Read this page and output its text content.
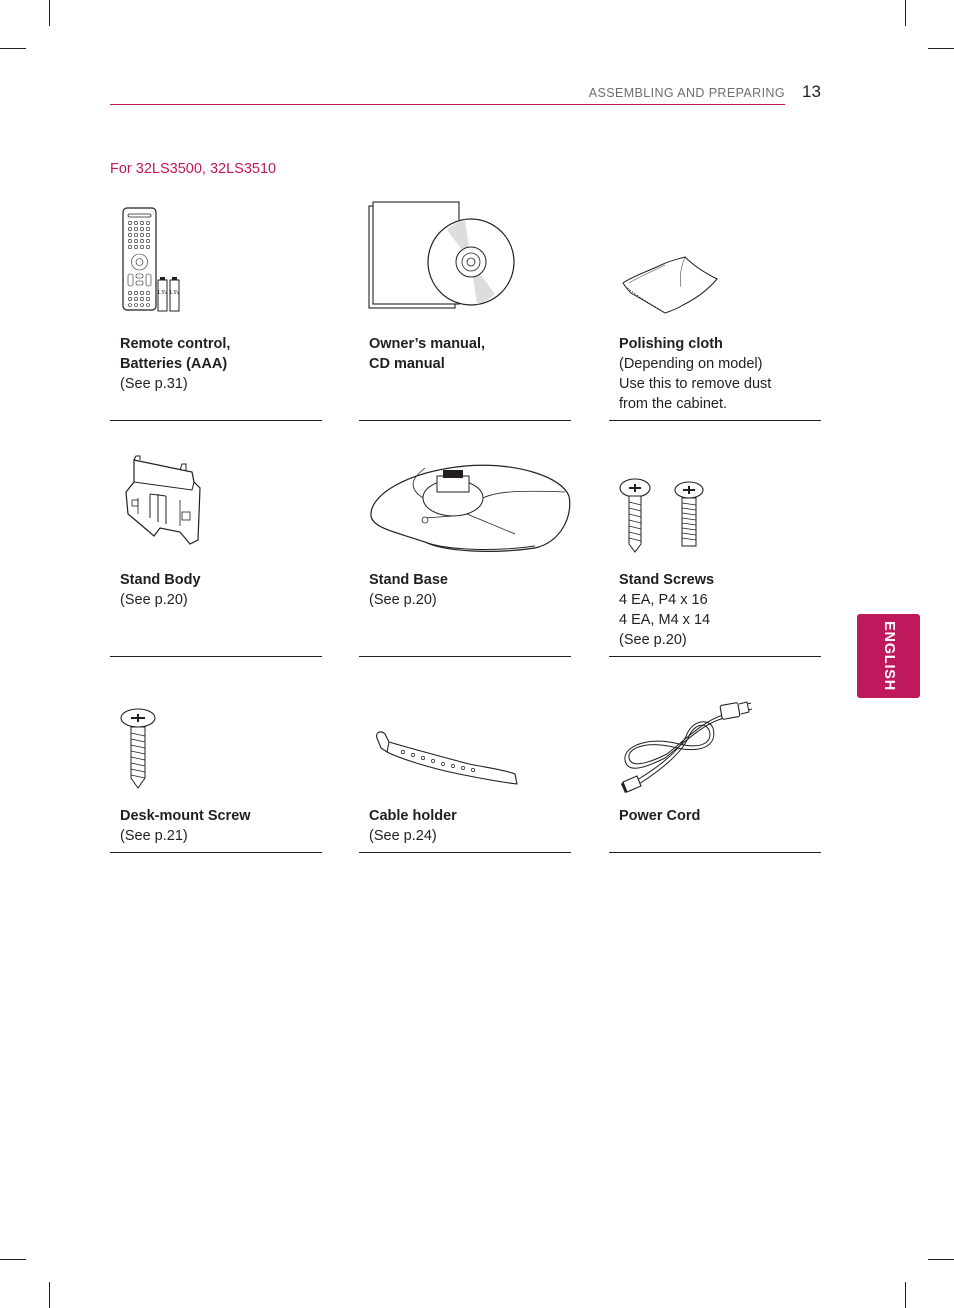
ASSEMBLING AND PREPARING 13
For 32LS3500, 32LS3510
ENGLISH
1.5V 1.5V
Remote control,
Batteries (AAA)
(See p.31)
Owner’s manual,
CD manual
Polishing cloth
(Depending on model)
Use this to remove dust
from the cabinet.
Stand Body
(See p.20)
Stand Base
(See p.20)
Stand Screws
4 EA, P4 x 16
4 EA, M4 x 14
(See p.20)
Desk-mount Screw
(See p.21)
Cable holder
(See p.24)
Power Cord
